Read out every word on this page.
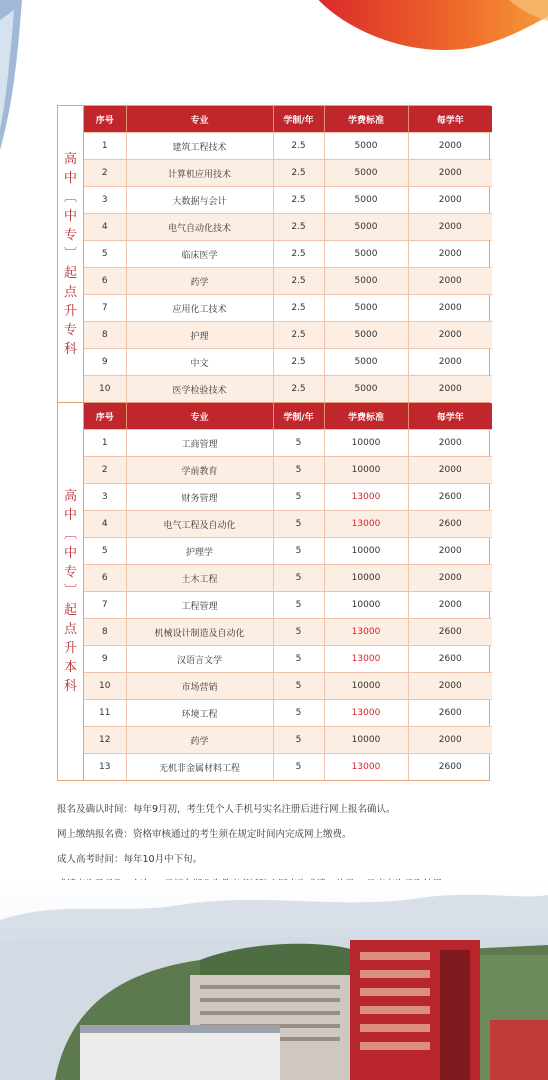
高
中
︹
中
专
︺
起
点
升
专
科
序号	专业	学制/年	学费标准	每学年
1	建筑工程技术	2.5	5000	2000
2	计算机应用技术	2.5	5000	2000
3	大数据与会计	2.5	5000	2000
4	电气自动化技术	2.5	5000	2000
5	临床医学	2.5	5000	2000
6	药学	2.5	5000	2000
7	应用化工技术	2.5	5000	2000
8	护理	2.5	5000	2000
9	中文	2.5	5000	2000
10	医学检验技术	2.5	5000	2000
高
中
︹
中
专
︺
起
点
升
本
科
序号	专业	学制/年	学费标准	每学年
1	工商管理	5	10000	2000
2	学前教育	5	10000	2000
3	财务管理	5	13000	2600
4	电气工程及自动化	5	13000	2600
5	护理学	5	10000	2000
6	土木工程	5	10000	2000
7	工程管理	5	10000	2000
8	机械设计制造及自动化	5	13000	2600
9	汉语言文学	5	13000	2600
10	市场营销	5	10000	2000
11	环境工程	5	13000	2600
12	药学	5	10000	2000
13	无机非金属材料工程	5	13000	2600

报名及确认时间：每年9月初，考生凭个人手机号实名注册后进行网上报名确认。

网上缴纳报名费：资格审核通过的考生须在规定时间内完成网上缴费。

成人高考时间：每年10月中下旬。
